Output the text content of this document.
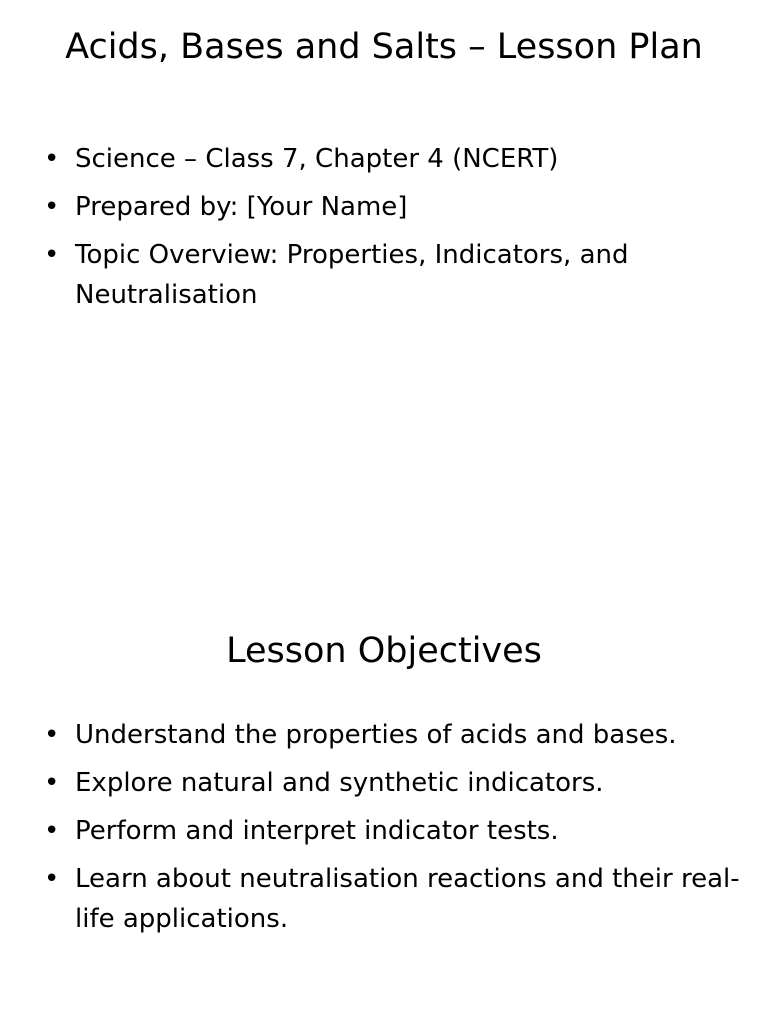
Acids, Bases and Salts – Lesson Plan
• Science – Class 7, Chapter 4 (NCERT)
• Prepared by: [Your Name]
• Topic Overview: Properties, Indicators, and Neutralisation
Lesson Objectives
• Understand the properties of acids and bases.
• Explore natural and synthetic indicators.
• Perform and interpret indicator tests.
• Learn about neutralisation reactions and their real-life applications.
